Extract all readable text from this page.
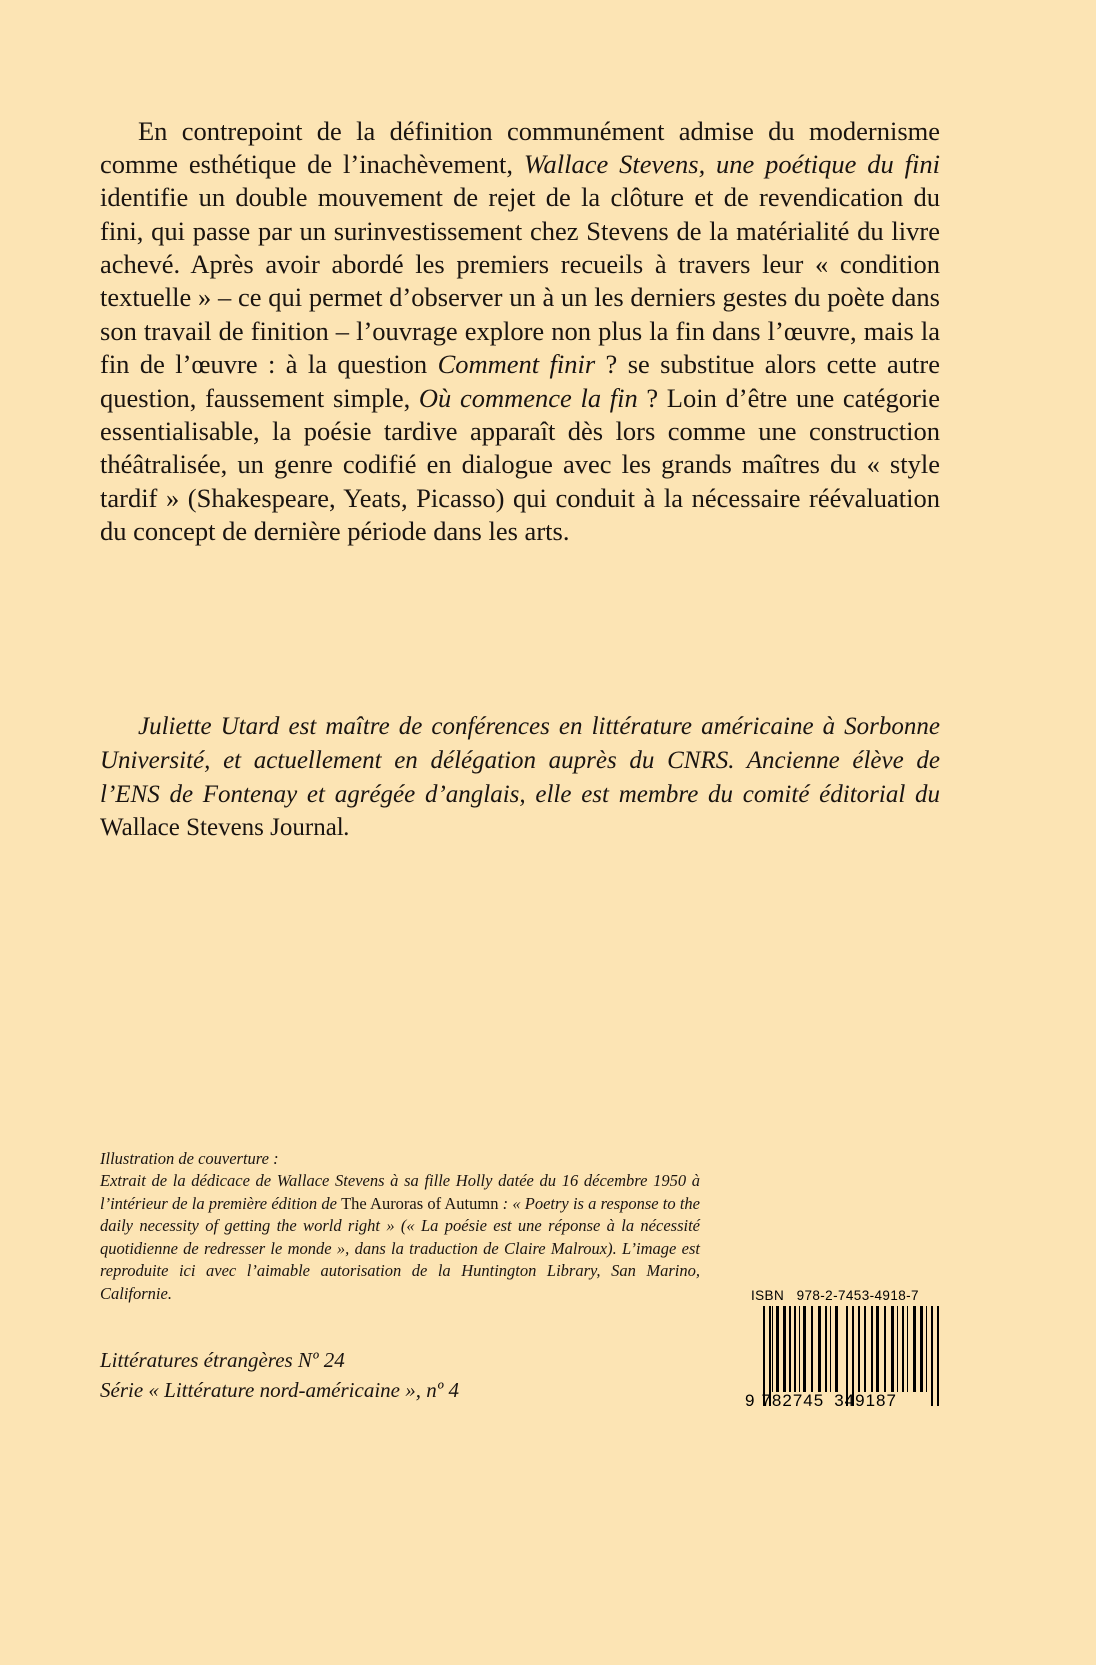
En contrepoint de la définition communément admise du modernisme comme esthétique de l’inachèvement, Wallace Stevens, une poétique du fini identifie un double mouvement de rejet de la clôture et de revendication du fini, qui passe par un surinvestissement chez Stevens de la matérialité du livre achevé. Après avoir abordé les premiers recueils à travers leur « condition textuelle » – ce qui permet d’observer un à un les derniers gestes du poète dans son travail de finition – l’ouvrage explore non plus la fin dans l’œuvre, mais la fin de l’œuvre : à la question Comment finir ? se substitue alors cette autre question, faussement simple, Où commence la fin ? Loin d’être une catégorie essentialisable, la poésie tardive apparaît dès lors comme une construction théâtralisée, un genre codifié en dialogue avec les grands maîtres du « style tardif » (Shakespeare, Yeats, Picasso) qui conduit à la nécessaire réévaluation du concept de dernière période dans les arts.

Juliette Utard est maître de conférences en littérature américaine à Sorbonne Université, et actuellement en délégation auprès du CNRS. Ancienne élève de l’ENS de Fontenay et agrégée d’anglais, elle est membre du comité éditorial du Wallace Stevens Journal.

Illustration de couverture :
Extrait de la dédicace de Wallace Stevens à sa fille Holly datée du 16 décembre 1950 à l’intérieur de la première édition de The Auroras of Autumn : « Poetry is a response to the daily necessity of getting the world right » (« La poésie est une réponse à la nécessité quotidienne de redresser le monde », dans la traduction de Claire Malroux). L’image est reproduite ici avec l’aimable autorisation de la Huntington Library, San Marino, Californie.
Littératures étrangères Nº 24
Série « Littérature nord-américaine », nº 4
ISBN 978-2-7453-4918-7
9 782745 349187
